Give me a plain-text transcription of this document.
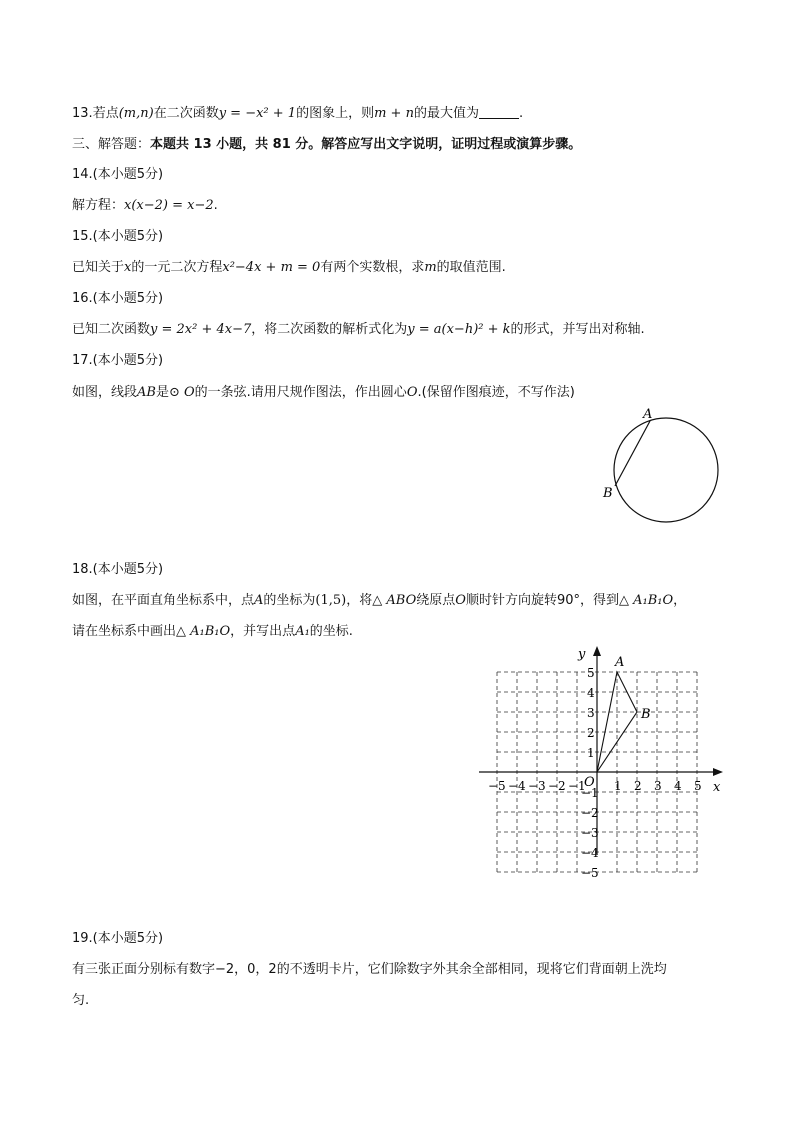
13.若点(m,n)在二次函数y = −x² + 1的图象上，则m + n的最大值为	.
三、解答题：本题共 13 小题，共 81 分。解答应写出文字说明，证明过程或演算步骤。
14.(本小题5分)
解方程：x(x−2) = x−2.
15.(本小题5分)
已知关于x的一元二次方程x²−4x + m = 0有两个实数根，求m的取值范围.
16.(本小题5分)
已知二次函数y = 2x² + 4x−7，将二次函数的解析式化为y = a(x−h)² + k的形式，并写出对称轴.
17.(本小题5分)
如图，线段AB是⊙ O的一条弦.请用尺规作图法，作出圆心O.(保留作图痕迹，不写作法)
A
B
18.(本小题5分)
如图，在平面直角坐标系中，点A的坐标为(1,5)，将△ ABO绕原点O顺时针方向旋转90°，得到△ A₁B₁O，
请在坐标系中画出△ A₁B₁O，并写出点A₁的坐标.
x
y
O
−5 −4 −3 −2 −1 1 2 3 4 5
5
4
3
2
1
−1
−2
−3
−4
−5
A
B
19.(本小题5分)
有三张正面分别标有数字−2，0，2的不透明卡片，它们除数字外其余全部相同，现将它们背面朝上洗均
匀.
